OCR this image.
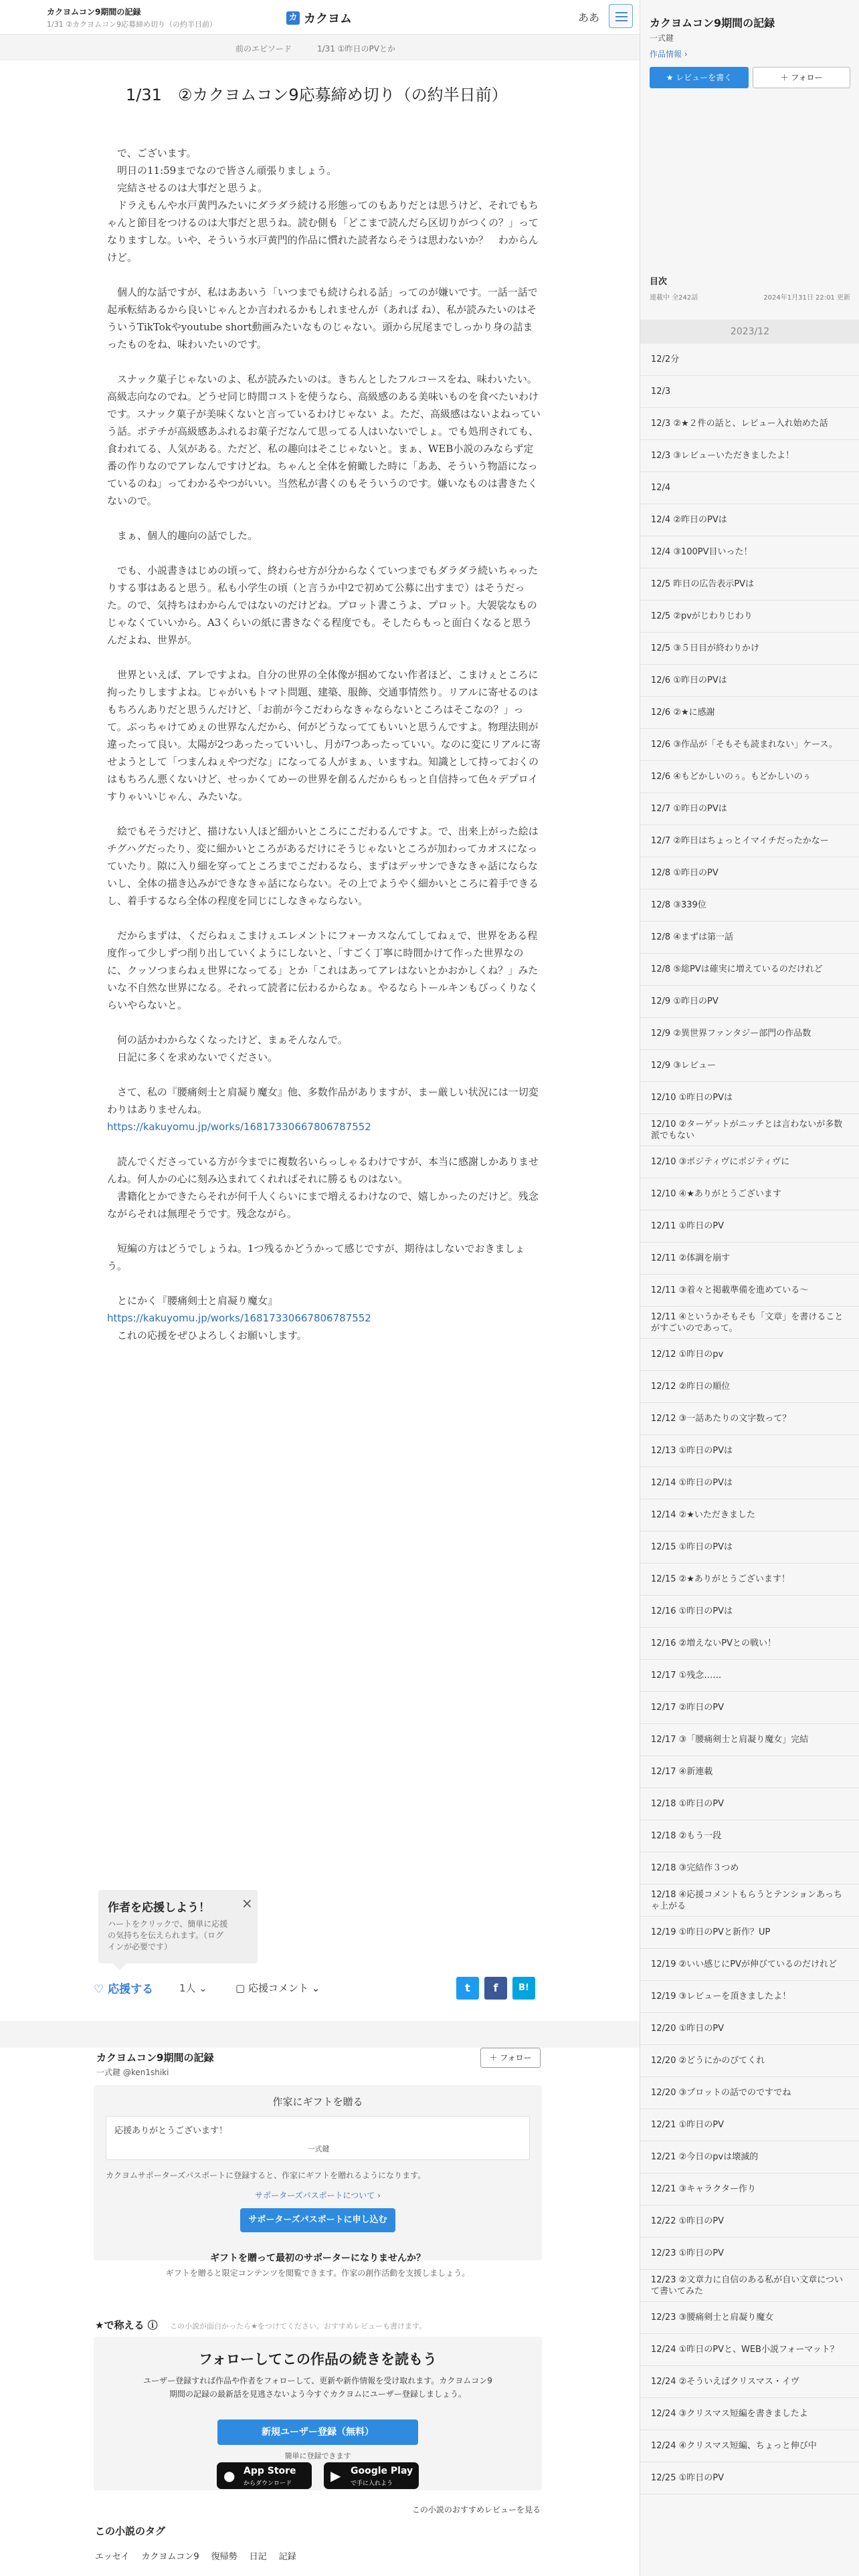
カクヨムコン9期間の記録
1/31 ②カクヨムコン9応募締め切り（の約半日前）
カ カクヨム	ああ
前のエピソード	1/31 ①昨日のPVとか
1/31　②カクヨムコン9応募締め切り（の約半日前）

　で、ございます。

　明日の11:59までなので皆さん頑張りましょう。

　完結させるのは大事だと思うよ。

　ドラえもんや水戸黄門みたいにダラダラ続ける形態ってのもありだとは思うけど、それでもちゃんと節目をつけるのは大事だと思うね。読む側も「どこまで読んだら区切りがつくの？」ってなりますしな。いや、そういう水戸黄門的作品に慣れた読者ならそうは思わないか？　わからんけど。

　個人的な話ですが、私はああいう「いつまでも続けられる話」ってのが嫌いです。一話一話で起承転結あるから良いじゃんとか言われるかもしれませんが（あれば ね）、私が読みたいのはそういうTikTokやyoutube short動画みたいなものじゃない。頭から尻尾までしっかり身の詰まったものをね、味わいたいのです。

　スナック菓子じゃないのよ、私が読みたいのは。きちんとしたフルコースをね、味わいたい。高級志向なのでね。どうせ同じ時間コストを使うなら、高級感のある美味いものを食べたいわけです。スナック菓子が美味くないと言っているわけじゃない よ。ただ、高級感はないよねっていう話。ポテチが高級感あふれるお菓子だなんて思ってる人はいないでしょ。でも処刑されても、食われてる、人気がある。ただど、私の趣向はそこじゃないと。まぁ、WEB小説のみならず定番の作りなのでアレなんですけどね。ちゃんと全体を俯瞰した時に「ああ、そういう物語になっているのね」ってわかるやつがいい。当然私が書くのもそういうのです。嫌いなものは書きたくないので。

　まぁ、個人的趣向の話でした。

　でも、小説書きはじめの頃って、終わらせ方が分からなくていつまでもダラダラ続いちゃったりする事はあると思う。私も小学生の頃（と言うか中2で初めて公募に出すまで）はそうだった。ので、気持ちはわからんではないのだけどね。プロット書こうよ、プロット。大袈裟なものじゃなくていいから。A3くらいの紙に書きなぐる程度でも。そしたらもっと面白くなると思うんだよね、世界が。

　世界といえば、アレですよね。自分の世界の全体像が掴めてない作者ほど、こまけぇところに拘ったりしますよね。じゃがいもトマト問題、建築、服飾、交通事情然り。リアルに寄せるのはもちろんありだと思うんだけど、「お前が今こだわらなきゃならないところはそこなの？」って。ぶっちゃけてめぇの世界なんだから、何がどうなっててもいいと思うんですよ。物理法則が違ったって良い。太陽が2つあったっていいし、月が7つあったっていい。なのに変にリアルに寄せようとして「つまんねぇやつだな」になってる人がまぁ、いますね。知識として持っておくのはもちろん悪くないけど、せっかくてめーの世界を創るんだからもっと自信持って色々デプロイすりゃいいじゃん、みたいな。

　絵でもそうだけど、描けない人ほど細かいところにこだわるんですよ。で、出来上がった絵はチグハグだったり、変に細かいところがあるだけにそうじゃないところが加わってカオスになっていたり。隙に入り細を穿ってところまでこだわるなら、まずはデッサンできなきゃ話にならないし、全体の描き込みができなきゃ話にならない。その上でようやく細かいところに着手できるし、着手するなら全体の程度を同じにしなきゃならない。

　だからまずは、くだらねぇこまけぇエレメントにフォーカスなんてしてねぇで、世界をある程度作って少しずつ削り出していくようにしないと、「すごく丁寧に時間かけて作った世界なのに、クッソつまらねぇ世界になってる」とか「これはあってアレはないとかおかしくね？」みたいな不自然な世界になる。それって読者に伝わるからなぁ。やるならトールキンもびっくりなくらいやらないと。

　何の話かわからなくなったけど、まぁそんなんで。

　日記に多くを求めないでください。

　さて、私の『腰痛剣士と肩凝り魔女』他、多数作品がありますが、まー厳しい状況には一切変わりはありませんね。

https://kakuyomu.jp/works/16817330667806787552

　読んでくださっている方が今までに複数名いらっしゃるわけですが、本当に感謝しかありませんね。何人かの心に刻み込まれてくれればそれに勝るものはない。

　書籍化とかできたらそれが何千人くらいにまで増えるわけなので、嬉しかったのだけど。残念ながらそれは無理そうです。残念ながら。

　短編の方はどうでしょうね。1つ残るかどうかって感じですが、期待はしないでおきましょう。

　とにかく『腰痛剣士と肩凝り魔女』

https://kakuyomu.jp/works/16817330667806787552

　これの応援をぜひよろしくお願いします。

作者を応援しよう！
ハートをクリックで、簡単に応援の気持ちを伝えられます。（ログインが必要です）
×
♡ 応援する	1人 ⌄	▢ 応援コメント ⌄	t	f	B!
カクヨムコン9期間の記録
一式鍵 @ken1shiki
＋ フォロー
作家にギフトを贈る
応援ありがとうございます！
一式鍵
カクヨムサポーターズパスポートに登録すると、作家にギフトを贈れるようになります。
サポーターズパスポートについて ›
サポーターズパスポートに申し込む
ギフトを贈って最初のサポーターになりませんか？
ギフトを贈ると限定コンテンツを閲覧できます。作家の創作活動を支援しましょう。
★で称える ⓘ この小説が面白かったら★をつけてください。おすすめレビューも書けます。
フォローしてこの作品の続きを読もう
ユーザー登録すれば作品や作者をフォローして、更新や新作情報を受け取れます。カクヨムコン9期間の記録の最新話を見逃さないよう今すぐカクヨムにユーザー登録しましょう。
新規ユーザー登録（無料）
簡単に登録できます
● App Store
からダウンロード	▶ Google Play
で手に入れよう
この小説のおすすめレビューを見る
この小説のタグ
エッセイ カクヨムコン9 復帰勢 日記 記録
カクヨムコン9期間の記録
一式鍵
作品情報 ›
★ レビューを書く	＋ フォロー
目次
連載中 全242話	2024年1月31日 22:01 更新
2023/12
12/2分
12/3
12/3 ②★２件の話と、レビュー入れ始めた話
12/3 ③レビューいただきましたよ！
12/4
12/4 ②昨日のPVは
12/4 ③100PV目いった！
12/5 昨日の広告表示PVは
12/5 ②pvがじわりじわり
12/5 ③５日目が終わりかけ
12/6 ①昨日のPVは
12/6 ②★に感謝
12/6 ③作品が「そもそも読まれない」ケース。
12/6 ④もどかしいのぅ。もどかしいのぅ
12/7 ①昨日のPVは
12/7 ②昨日はちょっとイマイチだったかなー
12/8 ①昨日のPV
12/8 ③339位
12/8 ④まずは第一話
12/8 ⑤総PVは確実に増えているのだけれど
12/9 ①昨日のPV
12/9 ②異世界ファンタジー部門の作品数
12/9 ③レビュー
12/10 ①昨日のPVは
12/10 ②ターゲットがニッチとは言わないが多数派でもない
12/10 ③ポジティヴにポジティヴに
12/10 ④★ありがとうございます
12/11 ①昨日のPV
12/11 ②体調を崩す
12/11 ③着々と掲載準備を進めている〜
12/11 ④というかそもそも「文章」を書けることがすごいのであって。
12/12 ①昨日のpv
12/12 ②昨日の順位
12/12 ③一話あたりの文字数って？
12/13 ①昨日のPVは
12/14 ①昨日のPVは
12/14 ②★いただきました
12/15 ①昨日のPVは
12/15 ②★ありがとうございます！
12/16 ①昨日のPVは
12/16 ②増えないPVとの戦い！
12/17 ①残念……
12/17 ②昨日のPV
12/17 ③「腰痛剣士と肩凝り魔女」完結
12/17 ④新連載
12/18 ①昨日のPV
12/18 ②もう一段
12/18 ③完結作３つめ
12/18 ④応援コメントもらうとテンションあっちゃ上がる
12/19 ①昨日のPVと新作？UP
12/19 ②いい感じにPVが伸びているのだけれど
12/19 ③レビューを頂きましたよ！
12/20 ①昨日のPV
12/20 ②どうにかのびてくれ
12/20 ③プロットの話でのですでね
12/21 ①昨日のPV
12/21 ②今日のpvは壊滅的
12/21 ③キャラクター作り
12/22 ①昨日のPV
12/23 ①昨日のPV
12/23 ②文章力に自信のある私が自い文章について書いてみた
12/23 ③腰痛剣士と肩凝り魔女
12/24 ①昨日のPVと、WEB小説フォーマット？
12/24 ②そういえばクリスマス・イヴ
12/24 ③クリスマス短編を書きましたよ
12/24 ④クリスマス短編、ちょっと伸び中
12/25 ①昨日のPV
